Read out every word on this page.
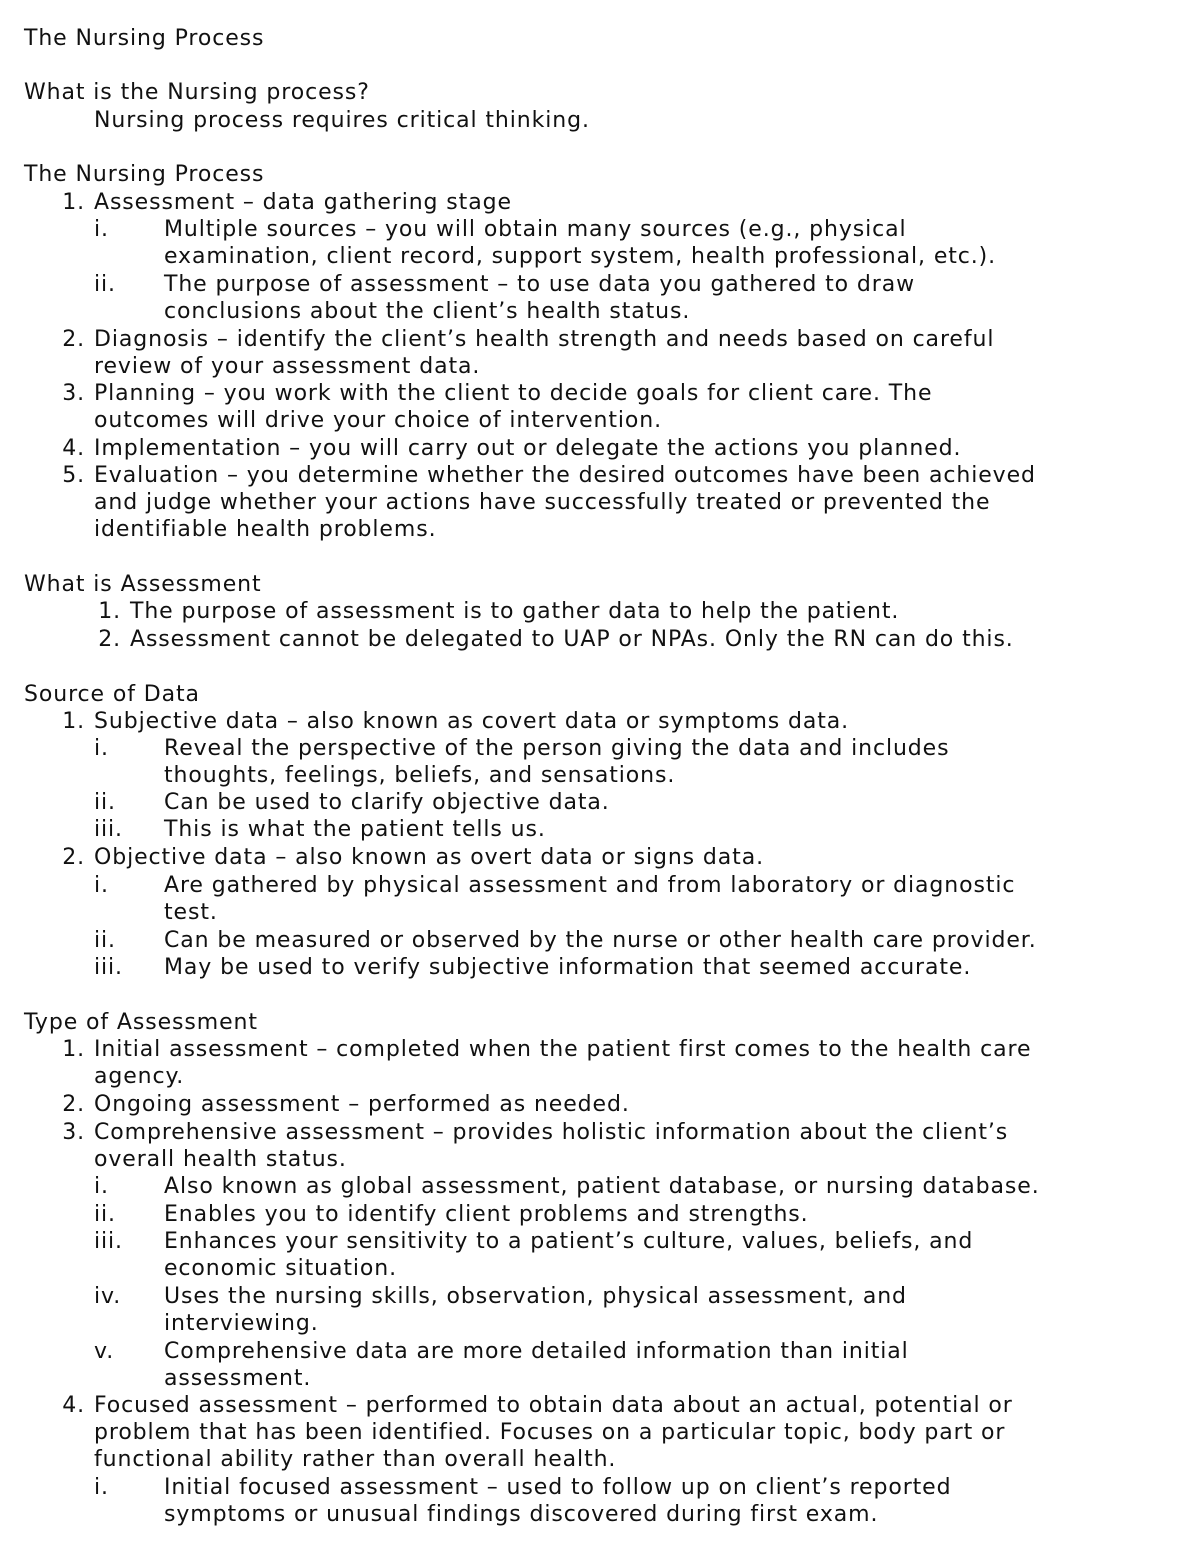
The Nursing Process
What is the Nursing process?
Nursing process requires critical thinking.
The Nursing Process
1. Assessment – data gathering stage
i.	Multiple sources – you will obtain many sources (e.g., physical
examination, client record, support system, health professional, etc.).
ii. The purpose of assessment – to use data you gathered to draw
conclusions about the client’s health status.
2. Diagnosis – identify the client’s health strength and needs based on careful
review of your assessment data.
3. Planning – you work with the client to decide goals for client care. The
outcomes will drive your choice of intervention.
4. Implementation – you will carry out or delegate the actions you planned.
5. Evaluation – you determine whether the desired outcomes have been achieved
and judge whether your actions have successfully treated or prevented the
identifiable health problems.
What is Assessment
1. The purpose of assessment is to gather data to help the patient.
2. Assessment cannot be delegated to UAP or NPAs. Only the RN can do this.
Source of Data
1. Subjective data – also known as covert data or symptoms data.
i.	Reveal the perspective of the person giving the data and includes
thoughts, feelings, beliefs, and sensations.
ii. Can be used to clarify objective data.
iii. This is what the patient tells us.
2. Objective data – also known as overt data or signs data.
i.	Are gathered by physical assessment and from laboratory or diagnostic
test.
ii. Can be measured or observed by the nurse or other health care provider.
iii. May be used to verify subjective information that seemed accurate.
Type of Assessment
1. Initial assessment – completed when the patient first comes to the health care
agency.
2. Ongoing assessment – performed as needed.
3. Comprehensive assessment – provides holistic information about the client’s
overall health status.
i.	Also known as global assessment, patient database, or nursing database.
ii. Enables you to identify client problems and strengths.
iii. Enhances your sensitivity to a patient’s culture, values, beliefs, and
economic situation.
iv. Uses the nursing skills, observation, physical assessment, and
interviewing.
v. Comprehensive data are more detailed information than initial
assessment.
4. Focused assessment – performed to obtain data about an actual, potential or
problem that has been identified. Focuses on a particular topic, body part or
functional ability rather than overall health.
i.	Initial focused assessment – used to follow up on client’s reported
symptoms or unusual findings discovered during first exam.
